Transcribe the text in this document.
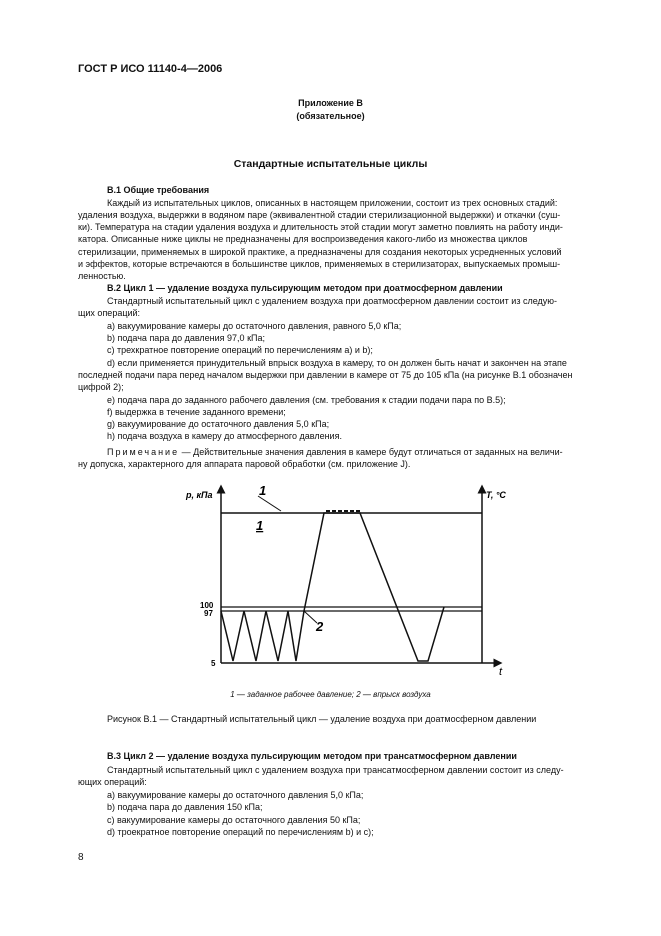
ГОСТ Р ИСО 11140-4—2006
Приложение B
(обязательное)
Стандартные испытательные циклы
B.1 Общие требования
Каждый из испытательных циклов, описанных в настоящем приложении, состоит из трех основных стадий:
удаления воздуха, выдержки в водяном паре (эквивалентной стадии стерилизационной выдержки) и откачки (суш-
ки). Температура на стадии удаления воздуха и длительность этой стадии могут заметно повлиять на работу инди-
катора. Описанные ниже циклы не предназначены для воспроизведения какого-либо из множества циклов
стерилизации, применяемых в широкой практике, а предназначены для создания некоторых усредненных условий
и эффектов, которые встречаются в большинстве циклов, применяемых в стерилизаторах, выпускаемых промыш-
ленностью.
B.2 Цикл 1 — удаление воздуха пульсирующим методом при доатмосферном давлении
Стандартный испытательный цикл с удалением воздуха при доатмосферном давлении состоит из следую-
щих операций:
а) вакуумирование камеры до остаточного давления, равного 5,0 кПа;
b) подача пара до давления 97,0 кПа;
с) трехкратное повторение операций по перечислениям а) и b);
d) если применяется принудительный впрыск воздуха в камеру, то он должен быть начат и закончен на этапе
последней подачи пара перед началом выдержки при давлении в камере от 75 до 105 кПа (на рисунке B.1 обозначен
цифрой 2);
е) подача пара до заданного рабочего давления (см. требования к стадии подачи пара по B.5);
f) выдержка в течение заданного времени;
g) вакуумирование до остаточного давления 5,0 кПа;
h) подача воздуха в камеру до атмосферного давления.
Примечание — Действительные значения давления в камере будут отличаться от заданных на величи-
ну допуска, характерного для аппарата паровой обработки (см. приложение J).
p, кПа	T, °С
t
100
97
5
1
1
2
1 — заданное рабочее давление; 2 — впрыск воздуха
Рисунок B.1 — Стандартный испытательный цикл — удаление воздуха при доатмосферном давлении
B.3 Цикл 2 — удаление воздуха пульсирующим методом при трансатмосферном давлении
Стандартный испытательный цикл с удалением воздуха при трансатмосферном давлении состоит из следу-
ющих операций:
а) вакуумирование камеры до остаточного давления 5,0 кПа;
b) подача пара до давления 150 кПа;
с) вакуумирование камеры до остаточного давления 50 кПа;
d) троекратное повторение операций по перечислениям b) и с);
8
